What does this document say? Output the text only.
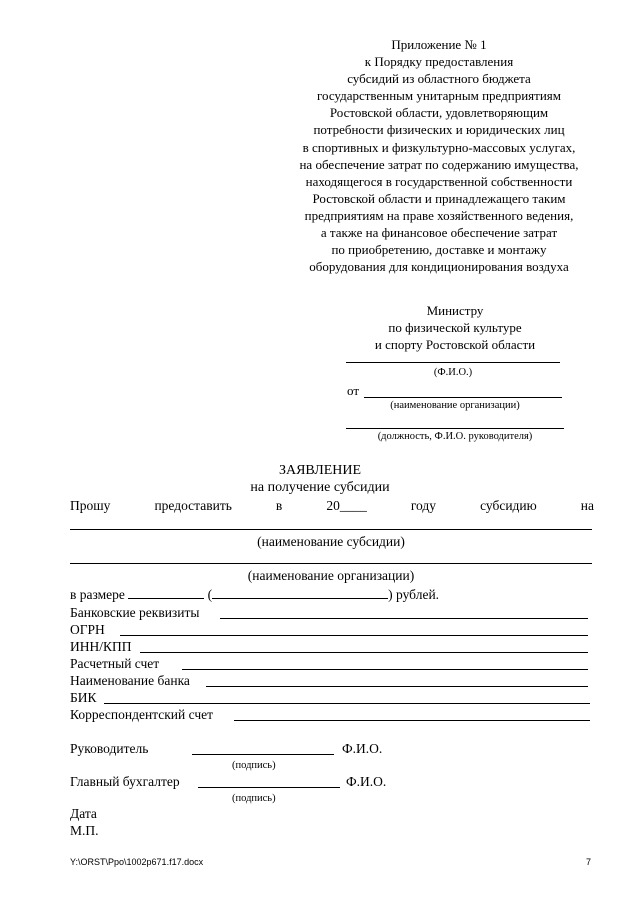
Приложение № 1
к Порядку предоставления
субсидий из областного бюджета
государственным унитарным предприятиям
Ростовской области, удовлетворяющим
потребности физических и юридических лиц
в спортивных и физкультурно-массовых услугах,
на обеспечение затрат по содержанию имущества,
находящегося в государственной собственности
Ростовской области и принадлежащего таким
предприятиям на праве хозяйственного ведения,
а также на финансовое обеспечение затрат
по приобретению, доставке и монтажу
оборудования для кондиционирования воздуха
Министру
по физической культуре
и спорту Ростовской области
(Ф.И.О.)
от
(наименование организации)
(должность, Ф.И.О. руководителя)
ЗАЯВЛЕНИЕ
на получение субсидии
Прошу	предоставить	в	20____	году	субсидию	на
(наименование субсидии)
(наименование организации)
в размере	(	) рублей.
Банковские реквизиты
ОГРН
ИНН/КПП
Расчетный счет
Наименование банка
БИК
Корреспондентский счет
Руководитель	Ф.И.О.
(подпись)
Главный бухгалтер	Ф.И.О.
(подпись)
Дата
М.П.
Y:\ORST\Ppo\1002p671.f17.docx	7
